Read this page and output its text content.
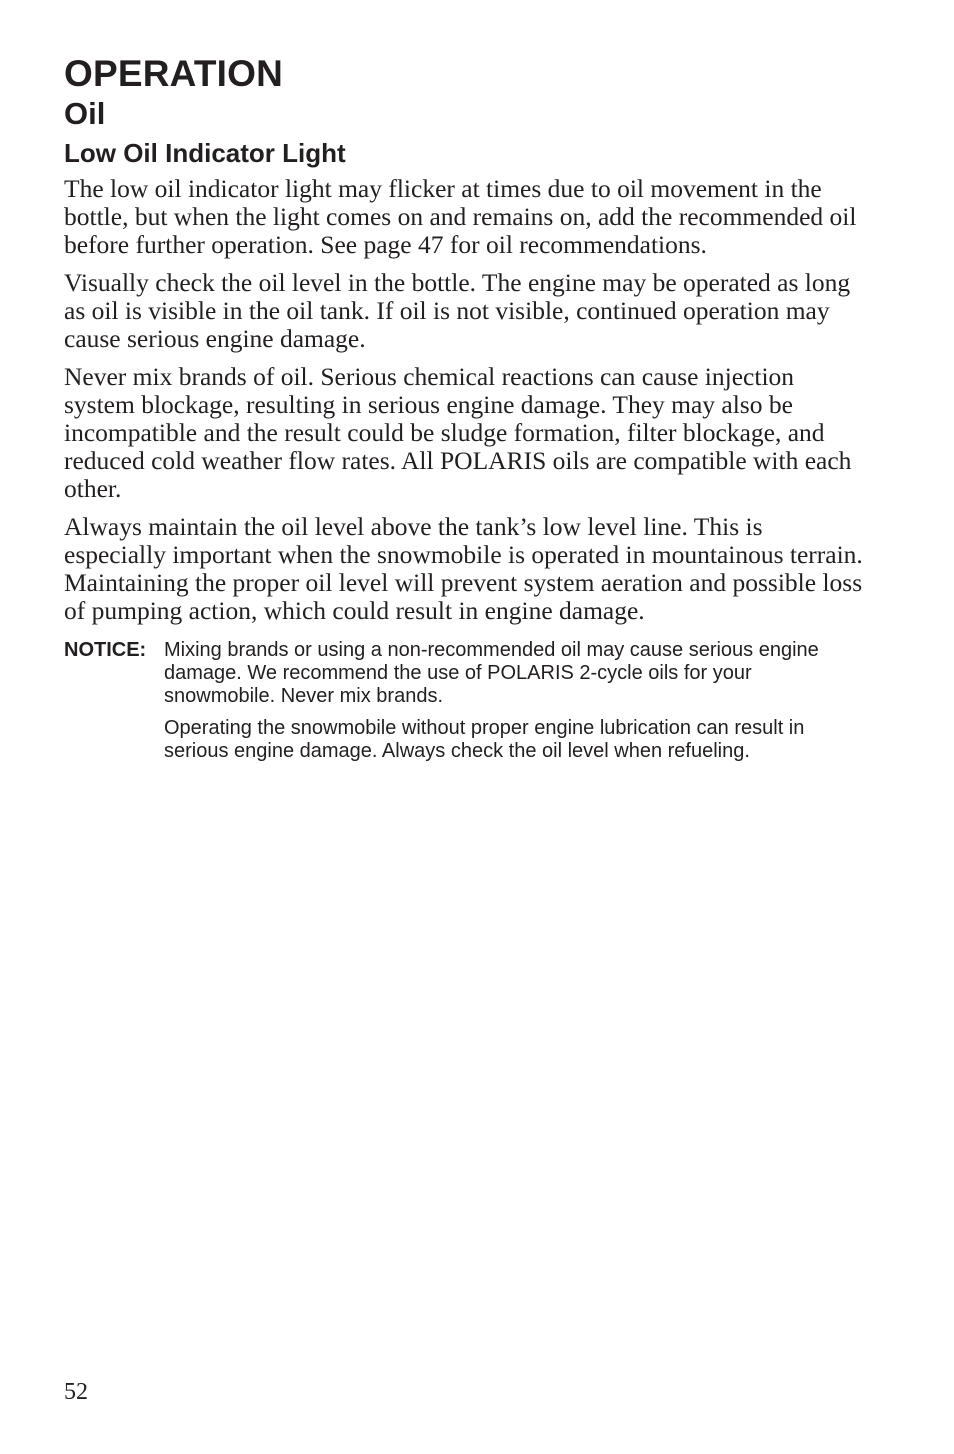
OPERATION
Oil
Low Oil Indicator Light

The low oil indicator light may flicker at times due to oil movement in the bottle, but when the light comes on and remains on, add the recommended oil before further operation. See page 47 for oil recommendations.

Visually check the oil level in the bottle. The engine may be operated as long as oil is visible in the oil tank. If oil is not visible, continued operation may cause serious engine damage.

Never mix brands of oil. Serious chemical reactions can cause injection system blockage, resulting in serious engine damage. They may also be incompatible and the result could be sludge formation, filter blockage, and reduced cold weather flow rates. All POLARIS oils are compatible with each other.

Always maintain the oil level above the tank’s low level line. This is especially important when the snowmobile is operated in mountainous terrain. Maintaining the proper oil level will prevent system aeration and possible loss of pumping action, which could result in engine damage.

NOTICE: Mixing brands or using a non-recommended oil may cause serious engine damage. We recommend the use of POLARIS 2-cycle oils for your snowmobile. Never mix brands.

Operating the snowmobile without proper engine lubrication can result in serious engine damage. Always check the oil level when refueling.

52
